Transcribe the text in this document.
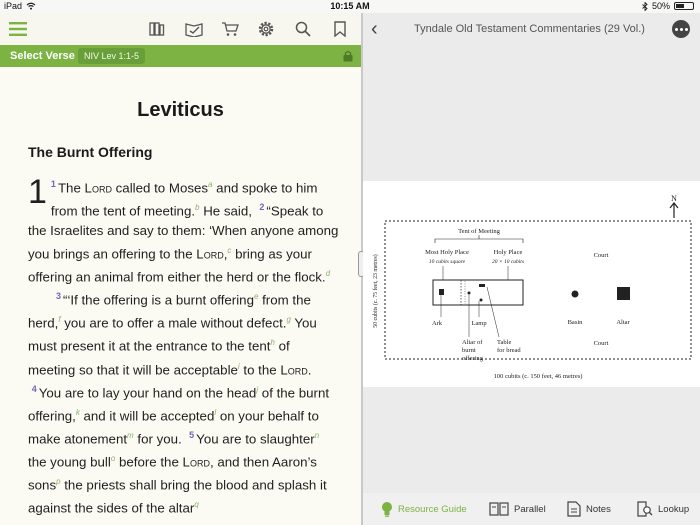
iPad	10:15 AM	50%
Select Verse	NIV Lev 1:1-5
Leviticus
The Burnt Offering
1 $^1$ The Lord called to Moses$^a$ and spoke to him from the tent of meeting.$^b$ He said, $^2$ “Speak to the Israelites and say to them: ‘When anyone among you brings an offering to the Lord,$^c$ bring as your offering an animal from either the herd or the flock.$^d$
$^3$ “‘If the offering is a burnt offering$^e$ from the herd,$^f$ you are to offer a male without defect.$^g$ You must present it at the entrance to the tent$^h$ of meeting so that it will be acceptable$^i$ to the Lord.  $^4$ You are to lay your hand on the head$^j$ of the burnt offering,$^k$ and it will be accepted$^l$ on your behalf to make atonement$^m$ for you. $^5$ You are to slaughter$^n$ the young bull$^o$ before the Lord, and then Aaron’s sons$^p$ the priests shall bring the blood and splash it against the sides of the altar$^q$
‹	Tyndale Old Testament Commentaries (29 Vol.)
N
Tent of Meeting
Most Holy Place
10 cubits square
Holy Place
20 × 10 cubits
Ark	Lamp
Altar of burnt offering
Table for bread
Court
Basin	Altar
Court
50 cubits (c. 75 feet, 23 metres)
100 cubits (c. 150 feet, 46 metres)
Resource Guide	Parallel	Notes	Lookup
